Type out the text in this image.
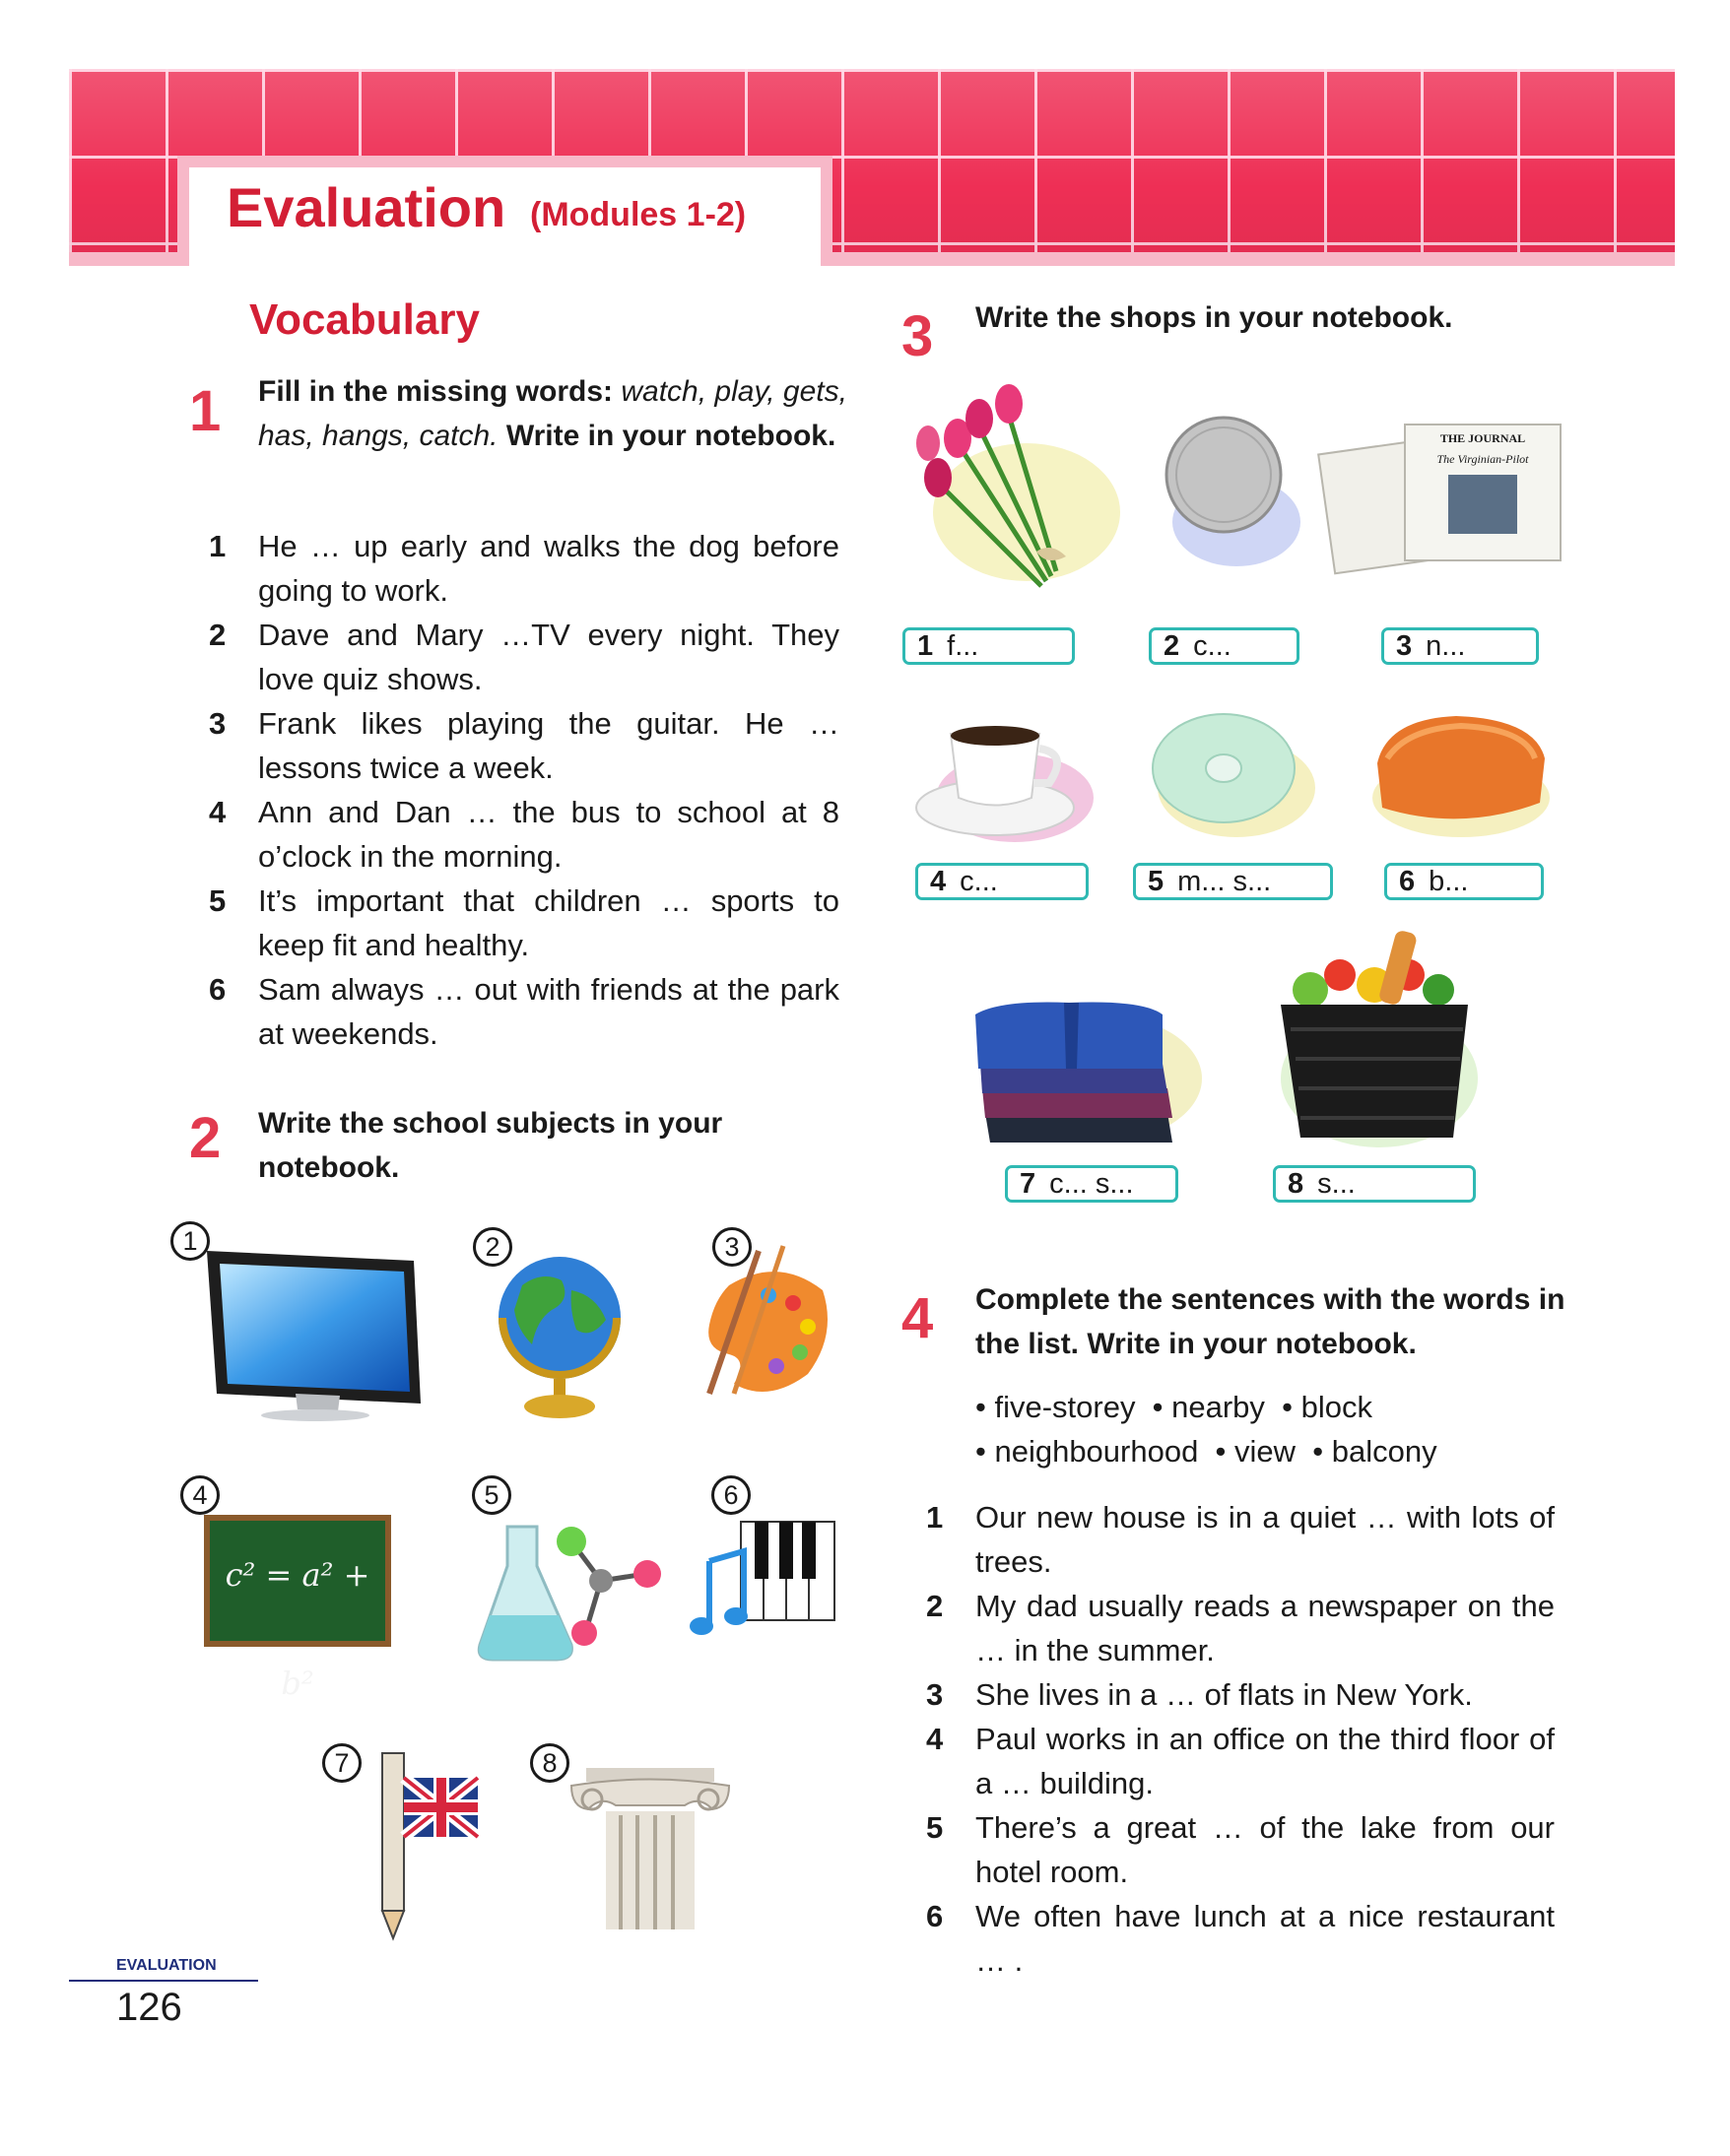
Evaluation (Modules 1-2)
Vocabulary
1 Fill in the missing words: watch, play, gets, has, hangs, catch. Write in your notebook.
1	He … up early and walks the dog before going to work.
2	Dave and Mary …TV every night. They love quiz shows.
3	Frank likes playing the guitar. He … lessons twice a week.
4	Ann and Dan … the bus to school at 8 o’clock in the morning.
5	It’s important that children … sports to keep fit and healthy.
6	Sam always … out with friends at the park at weekends.
2 Write the school subjects in your notebook.
1	2	3
4
c² = a² + b²
5	6
7	8
3 Write the shops in your notebook.
THE JOURNAL
The Virginian-Pilot
1 f...	2 c...	3 n...
4 c...	5 m... s...	6 b...
7 c... s...	8 s...
4 Complete the sentences with the words in the list. Write in your notebook.
• five-storey  • nearby  • block
• neighbourhood  • view  • balcony
1	Our new house is in a quiet … with lots of trees.
2	My dad usually reads a newspaper on the … in the summer.
3	She lives in a … of flats in New York.
4	Paul works in an office on the third floor of a … building.
5	There’s a great … of the lake from our hotel room.
6	We often have lunch at a nice restaurant … .
EVALUATION
126
